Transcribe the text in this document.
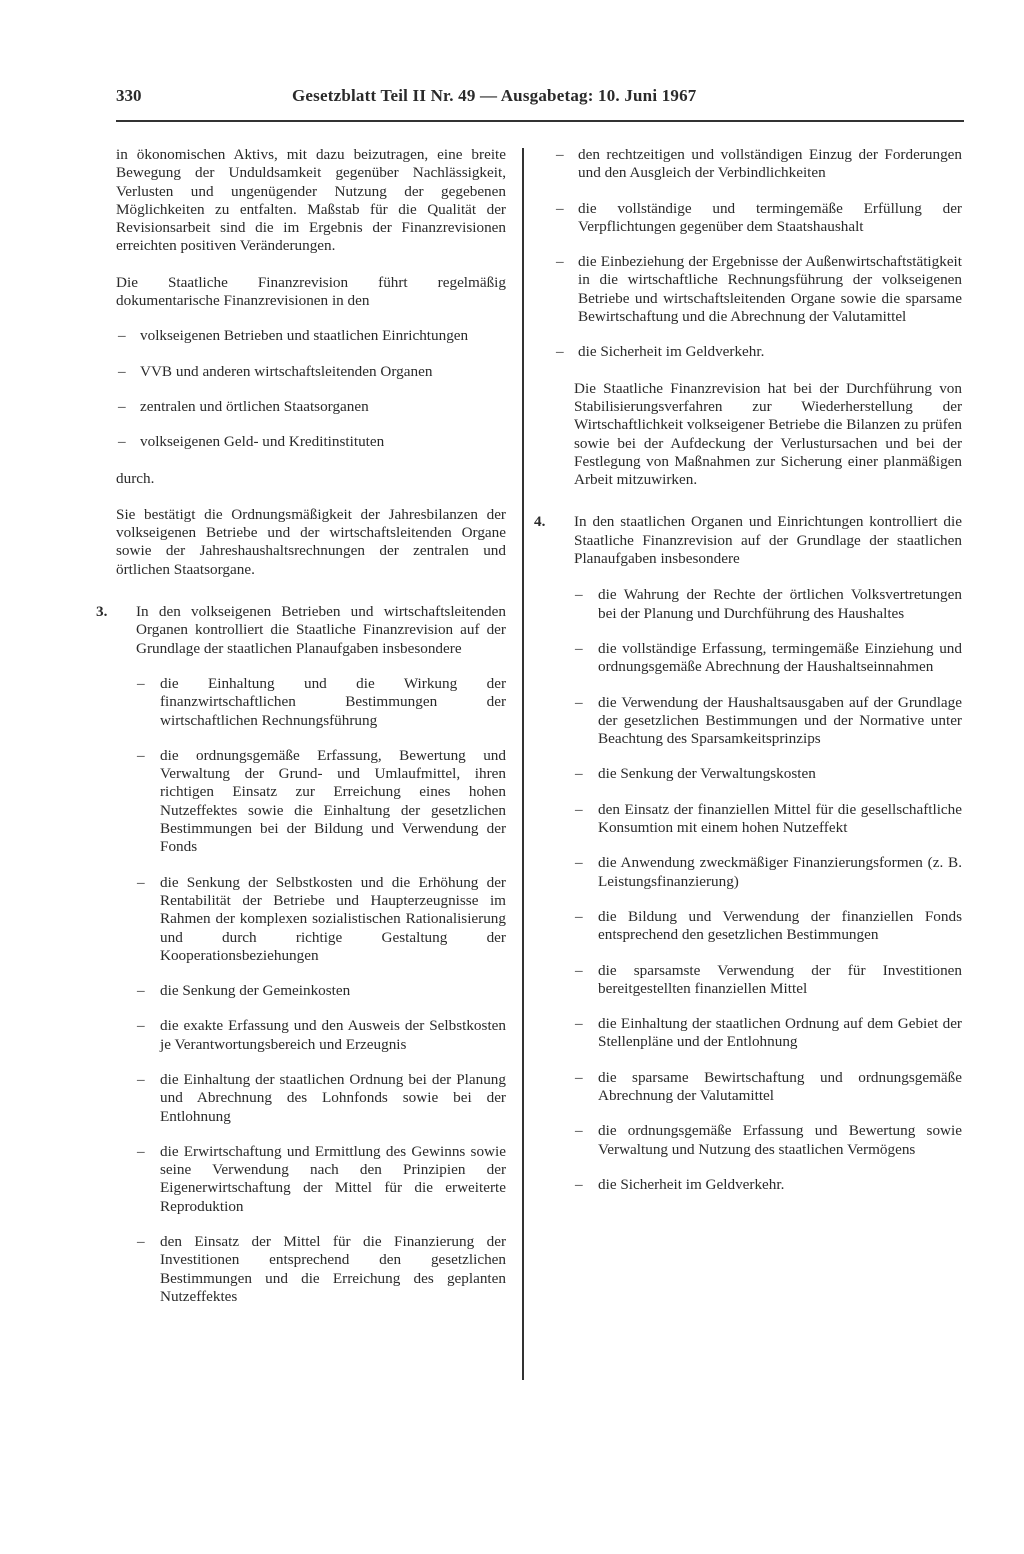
330	Gesetzblatt Teil II Nr. 49 — Ausgabetag: 10. Juni 1967

in ökonomischen Aktivs, mit dazu beizutragen, eine breite Bewegung der Unduldsamkeit gegenüber Nachlässigkeit, Verlusten und ungenügender Nutzung der gegebenen Möglichkeiten zu entfalten. Maßstab für die Qualität der Revisionsarbeit sind die im Ergebnis der Finanzrevisionen erreichten positiven Veränderungen.

Die Staatliche Finanzrevision führt regelmäßig dokumentarische Finanzrevisionen in den

– volkseigenen Betrieben und staatlichen Einrichtungen
– VVB und anderen wirtschaftsleitenden Organen
– zentralen und örtlichen Staatsorganen
– volkseigenen Geld- und Kreditinstituten

durch.

Sie bestätigt die Ordnungsmäßigkeit der Jahresbilanzen der volkseigenen Betriebe und der wirtschaftsleitenden Organe sowie der Jahreshaushaltsrechnungen der zentralen und örtlichen Staatsorgane.

3. In den volkseigenen Betrieben und wirtschaftsleitenden Organen kontrolliert die Staatliche Finanzrevision auf der Grundlage der staatlichen Planaufgaben insbesondere
– die Einhaltung und die Wirkung der finanzwirtschaftlichen Bestimmungen der wirtschaftlichen Rechnungsführung
– die ordnungsgemäße Erfassung, Bewertung und Verwaltung der Grund- und Umlaufmittel, ihren richtigen Einsatz zur Erreichung eines hohen Nutzeffektes sowie die Einhaltung der gesetzlichen Bestimmungen bei der Bildung und Verwendung der Fonds
– die Senkung der Selbstkosten und die Erhöhung der Rentabilität der Betriebe und Haupterzeugnisse im Rahmen der komplexen sozialistischen Rationalisierung und durch richtige Gestaltung der Kooperationsbeziehungen
– die Senkung der Gemeinkosten
– die exakte Erfassung und den Ausweis der Selbstkosten je Verantwortungsbereich und Erzeugnis
– die Einhaltung der staatlichen Ordnung bei der Planung und Abrechnung des Lohnfonds sowie bei der Entlohnung
– die Erwirtschaftung und Ermittlung des Gewinns sowie seine Verwendung nach den Prinzipien der Eigenerwirtschaftung der Mittel für die erweiterte Reproduktion
– den Einsatz der Mittel für die Finanzierung der Investitionen entsprechend den gesetzlichen Bestimmungen und die Erreichung des geplanten Nutzeffektes
– den rechtzeitigen und vollständigen Einzug der Forderungen und den Ausgleich der Verbindlichkeiten
– die vollständige und termingemäße Erfüllung der Verpflichtungen gegenüber dem Staatshaushalt
– die Einbeziehung der Ergebnisse der Außenwirtschaftstätigkeit in die wirtschaftliche Rechnungsführung der volkseigenen Betriebe und wirtschaftsleitenden Organe sowie die sparsame Bewirtschaftung und die Abrechnung der Valutamittel
– die Sicherheit im Geldverkehr.

Die Staatliche Finanzrevision hat bei der Durchführung von Stabilisierungsverfahren zur Wiederherstellung der Wirtschaftlichkeit volkseigener Betriebe die Bilanzen zu prüfen sowie bei der Aufdeckung der Verlustursachen und bei der Festlegung von Maßnahmen zur Sicherung einer planmäßigen Arbeit mitzuwirken.

4. In den staatlichen Organen und Einrichtungen kontrolliert die Staatliche Finanzrevision auf der Grundlage der staatlichen Planaufgaben insbesondere
– die Wahrung der Rechte der örtlichen Volksvertretungen bei der Planung und Durchführung des Haushaltes
– die vollständige Erfassung, termingemäße Einziehung und ordnungsgemäße Abrechnung der Haushaltseinnahmen
– die Verwendung der Haushaltsausgaben auf der Grundlage der gesetzlichen Bestimmungen und der Normative unter Beachtung des Sparsamkeitsprinzips
– die Senkung der Verwaltungskosten
– den Einsatz der finanziellen Mittel für die gesellschaftliche Konsumtion mit einem hohen Nutzeffekt
– die Anwendung zweckmäßiger Finanzierungsformen (z. B. Leistungsfinanzierung)
– die Bildung und Verwendung der finanziellen Fonds entsprechend den gesetzlichen Bestimmungen
– die sparsamste Verwendung der für Investitionen bereitgestellten finanziellen Mittel
– die Einhaltung der staatlichen Ordnung auf dem Gebiet der Stellenpläne und der Entlohnung
– die sparsame Bewirtschaftung und ordnungsgemäße Abrechnung der Valutamittel
– die ordnungsgemäße Erfassung und Bewertung sowie Verwaltung und Nutzung des staatlichen Vermögens
– die Sicherheit im Geldverkehr.
